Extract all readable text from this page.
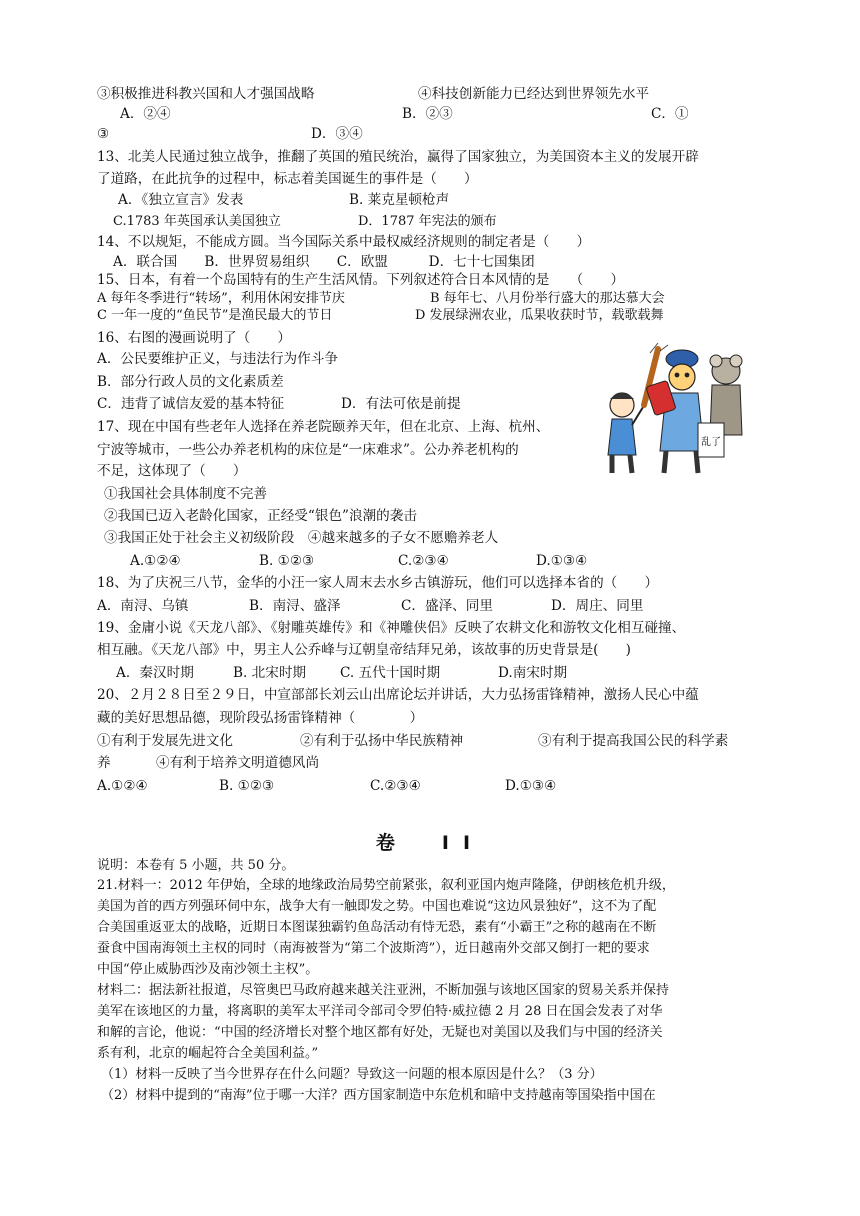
③积极推进科教兴国和人才强国战略	④科技创新能力已经达到世界领先水平
A．②④	B．②③	C．①
③	D．③④
13、北美人民通过独立战争，推翻了英国的殖民统治，赢得了国家独立，为美国资本主义的发展开辟
了道路，在此抗争的过程中，标志着美国诞生的事件是（　　）
A．《独立宣言》发表	B. 莱克星顿枪声
C.1783 年英国承认美国独立	D．1787 年宪法的颁布
14、不以规矩，不能成方圆。当今国际关系中最权威经济规则的制定者是（　　）
A．联合国　　B．世界贸易组织　　C．欧盟　　　D．七十七国集团
15、日本，有着一个岛国特有的生产生活风情。下列叙述符合日本风情的是　　（　　）
A 每年冬季进行“转场”，利用休闲安排节庆	B 每年七、八月份举行盛大的那达慕大会
C 一年一度的“鱼民节”是渔民最大的节日	D 发展绿洲农业，瓜果收获时节，载歌载舞
16、右图的漫画说明了（　　）
A．公民要维护正义，与违法行为作斗争
B．部分行政人员的文化素质差
C．违背了诚信友爱的基本特征	D．有法可依是前提
乱了
17、现在中国有些老年人选择在养老院颐养天年，但在北京、上海、杭州、
宁波等城市，一些公办养老机构的床位是“一床难求”。公办养老机构的
不足，这体现了（　　）
①我国社会具体制度不完善
②我国已迈入老龄化国家，正经受“银色”浪潮的袭击
③我国正处于社会主义初级阶段　④越来越多的子女不愿赡养老人
A.①②④	B. ①②③	C.②③④	D.①③④
18、为了庆祝三八节，金华的小汪一家人周末去水乡古镇游玩，他们可以选择本省的（　　）
A．南浔、乌镇	B．南浔、盛泽	C．盛泽、同里	D．周庄、同里
19、金庸小说《天龙八部》、《射雕英雄传》和《神雕侠侣》反映了农耕文化和游牧文化相互碰撞、
相互融。《天龙八部》中，男主人公乔峰与辽朝皇帝结拜兄弟，该故事的历史背景是(　　)
A．秦汉时期	B. 北宋时期 C. 五代十国时期	D.南宋时期
20、２月２８日至２９日，中宣部部长刘云山出席论坛并讲话，大力弘扬雷锋精神，激扬人民心中蕴
藏的美好思想品德，现阶段弘扬雷锋精神（　　　　）
①有利于发展先进文化	②有利于弘扬中华民族精神	③有利于提高我国公民的科学素
养	④有利于培养文明道德风尚
A.①②④	B. ①②③	C.②③④	D.①③④
卷　II
说明：本卷有 5 小题，共 50 分。
21.材料一：2012 年伊始，全球的地缘政治局势空前紧张，叙利亚国内炮声隆隆，伊朗核危机升级，
美国为首的西方列强环伺中东，战争大有一触即发之势。中国也难说“这边风景独好”，这不为了配
合美国重返亚太的战略，近期日本图谋独霸钓鱼岛活动有恃无恐，素有“小霸王”之称的越南在不断
蚕食中国南海领土主权的同时（南海被誉为“第二个波斯湾”），近日越南外交部又倒打一耙的要求
中国“停止威胁西沙及南沙领土主权”。
材料二：据法新社报道，尽管奥巴马政府越来越关注亚洲，不断加强与该地区国家的贸易关系并保持
美军在该地区的力量，将离职的美军太平洋司令部司令罗伯特·威拉德 2 月 28 日在国会发表了对华
和解的言论，他说：“中国的经济增长对整个地区都有好处，无疑也对美国以及我们与中国的经济关
系有利，北京的崛起符合全美国利益。”
（1）材料一反映了当今世界存在什么问题？导致这一问题的根本原因是什么？（3 分）
（2）材料中提到的“南海”位于哪一大洋？西方国家制造中东危机和暗中支持越南等国染指中国在
